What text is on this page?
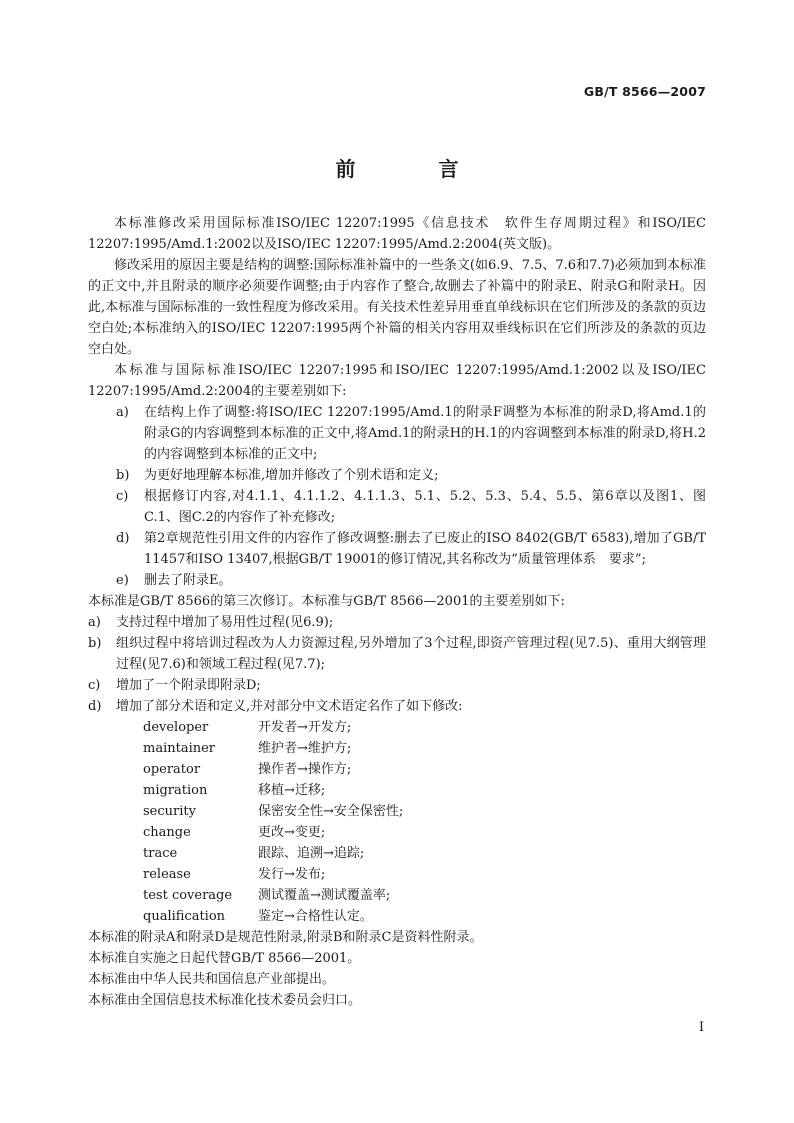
GB/T 8566—2007
前 言

本标准修改采用国际标准ISO/IEC 12207:1995《信息技术　软件生存周期过程》和ISO/IEC 12207:1995/Amd.1:2002以及ISO/IEC 12207:1995/Amd.2:2004(英文版)。

修改采用的原因主要是结构的调整:国际标准补篇中的一些条文(如6.9、7.5、7.6和7.7)必须加到本标准的正文中,并且附录的顺序必须要作调整;由于内容作了整合,故删去了补篇中的附录E、附录G和附录H。因此,本标准与国际标准的一致性程度为修改采用。有关技术性差异用垂直单线标识在它们所涉及的条款的页边空白处;本标准纳入的ISO/IEC 12207:1995两个补篇的相关内容用双垂线标识在它们所涉及的条款的页边空白处。

本标准与国际标准ISO/IEC 12207:1995和ISO/IEC 12207:1995/Amd.1:2002以及ISO/IEC 12207:1995/Amd.2:2004的主要差别如下:

a) 在结构上作了调整:将ISO/IEC 12207:1995/Amd.1的附录F调整为本标准的附录D,将Amd.1的附录G的内容调整到本标准的正文中,将Amd.1的附录H的H.1的内容调整到本标准的附录D,将H.2的内容调整到本标准的正文中;
b) 为更好地理解本标准,增加并修改了个别术语和定义;
c) 根据修订内容,对4.1.1、4.1.1.2、4.1.1.3、5.1、5.2、5.3、5.4、5.5、第6章以及图1、图C.1、图C.2的内容作了补充修改;
d) 第2章规范性引用文件的内容作了修改调整:删去了已废止的ISO 8402(GB/T 6583),增加了GB/T 11457和ISO 13407,根据GB/T 19001的修订情况,其名称改为“质量管理体系　要求”;
e) 删去了附录E。

本标准是GB/T 8566的第三次修订。本标准与GB/T 8566—2001的主要差别如下:

a) 支持过程中增加了易用性过程(见6.9);
b) 组织过程中将培训过程改为人力资源过程,另外增加了3个过程,即资产管理过程(见7.5)、重用大纲管理过程(见7.6)和领域工程过程(见7.7);
c) 增加了一个附录即附录D;
d) 增加了部分术语和定义,并对部分中文术语定名作了如下修改:
developer	开发者→开发方;
maintainer	维护者→维护方;
operator	操作者→操作方;
migration	移植→迁移;
security	保密安全性→安全保密性;
change	更改→变更;
trace	跟踪、追溯→追踪;
release	发行→发布;
test coverage	测试覆盖→测试覆盖率;
qualification	鉴定→合格性认定。

本标准的附录A和附录D是规范性附录,附录B和附录C是资料性附录。

本标准自实施之日起代替GB/T 8566—2001。

本标准由中华人民共和国信息产业部提出。

本标准由全国信息技术标准化技术委员会归口。

I
